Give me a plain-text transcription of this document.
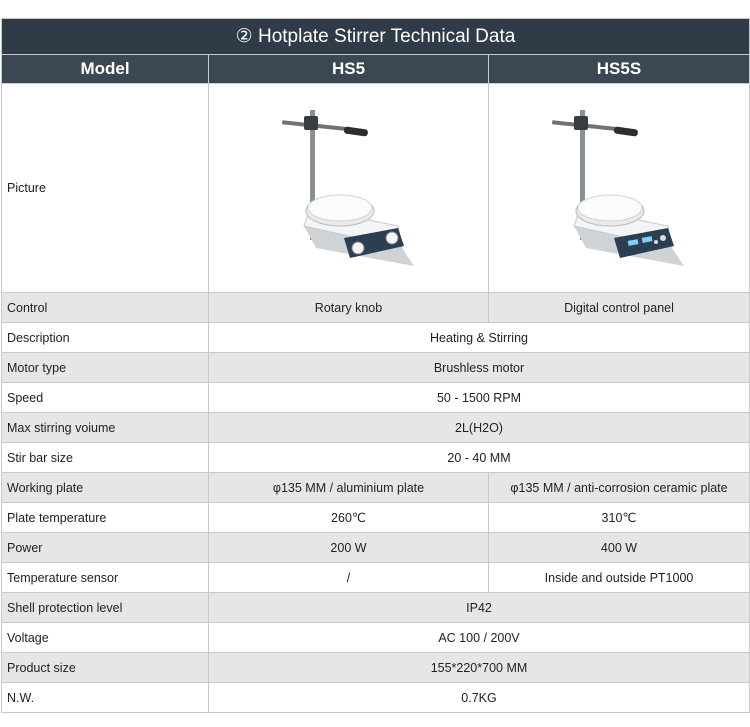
② Hotplate Stirrer Technical Data		
Model	HS5	HS5S
Picture	

Control	Rotary knob	Digital control panel
Description	Heating & Stirring	
Motor type	Brushless motor	
Speed	50 - 1500 RPM	
Max stirring voiume	2L(H2O)	
Stir bar size	20 - 40 MM	
Working plate	φ135 MM / aluminium plate	φ135 MM / anti-corrosion ceramic plate
Plate temperature	260℃	310℃
Power	200 W	400 W
Temperature sensor	/	Inside and outside PT1000
Shell protection level	IP42	
Voltage	AC 100 / 200V	
Product size	155*220*700 MM	
N.W.	0.7KG	
